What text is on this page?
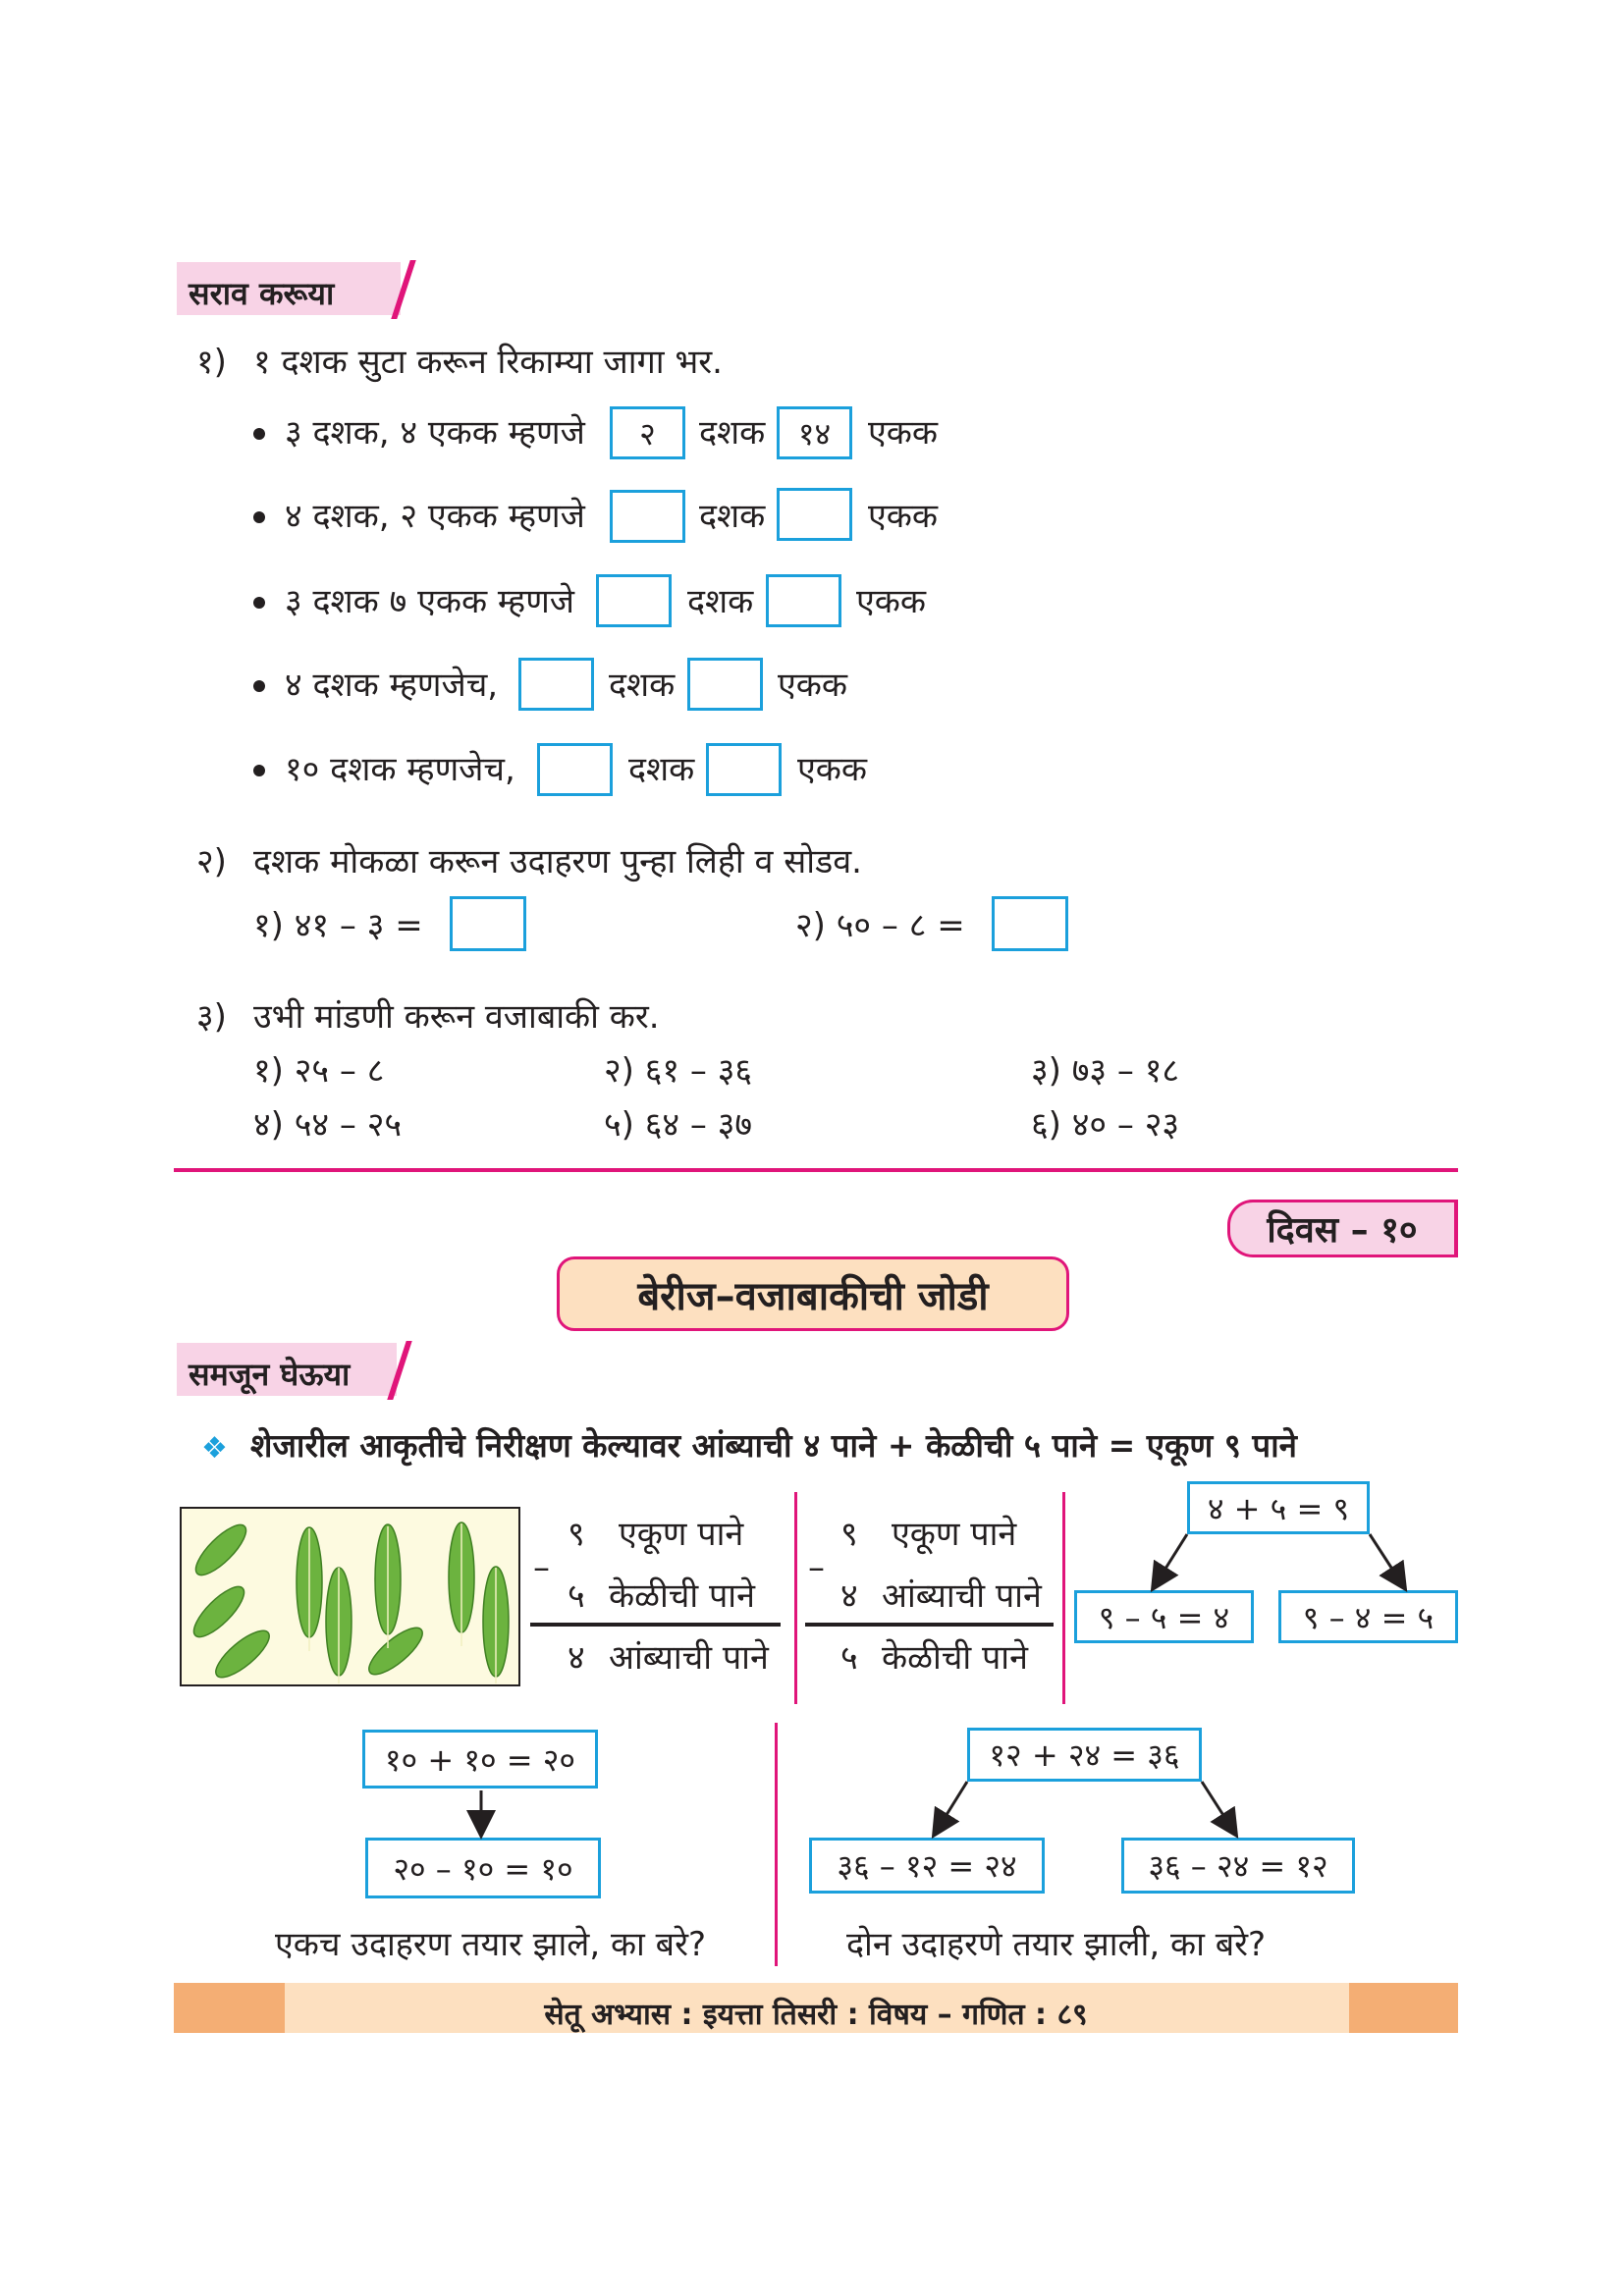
सराव करूया
१) १ दशक सुटा करून रिकाम्या जागा भर.
३ दशक, ४ एकक म्हणजे	२	दशक	१४	एकक
४ दशक, २ एकक म्हणजे	दशक	एकक
३ दशक ७ एकक म्हणजे	दशक	एकक
४ दशक म्हणजेच,	दशक	एकक
१० दशक म्हणजेच,	दशक	एकक
२) दशक मोकळा करून उदाहरण पुन्हा लिही व सोडव.
१) ४१ – ३ =	२) ५० – ८ =
३) उभी मांडणी करून वजाबाकी कर.
१) २५ – ८	२) ६१ – ३६	३) ७३ – १८
४) ५४ – २५	५) ६४ – ३७	६) ४० – २३
दिवस – १०
बेरीज–वजाबाकीची जोडी
समजून घेऊया
❖ शेजारील आकृतीचे निरीक्षण केल्यावर आंब्याची ४ पाने + केळीची ५ पाने = एकूण ९ पाने
–
९ एकूण पाने
५ केळीची पाने
४ आंब्याची पाने
–
९ एकूण पाने
४ आंब्याची पाने
५ केळीची पाने
४ + ५ = ९
९ – ५ = ४	९ – ४ = ५
१० + १० = २०
२० – १० = १०
एकच उदाहरण तयार झाले, का बरे?
१२ + २४ = ३६
३६ – १२ = २४	३६ – २४ = १२
दोन उदाहरणे तयार झाली, का बरे?
सेतू अभ्यास : इयत्ता तिसरी : विषय – गणित : ८९
